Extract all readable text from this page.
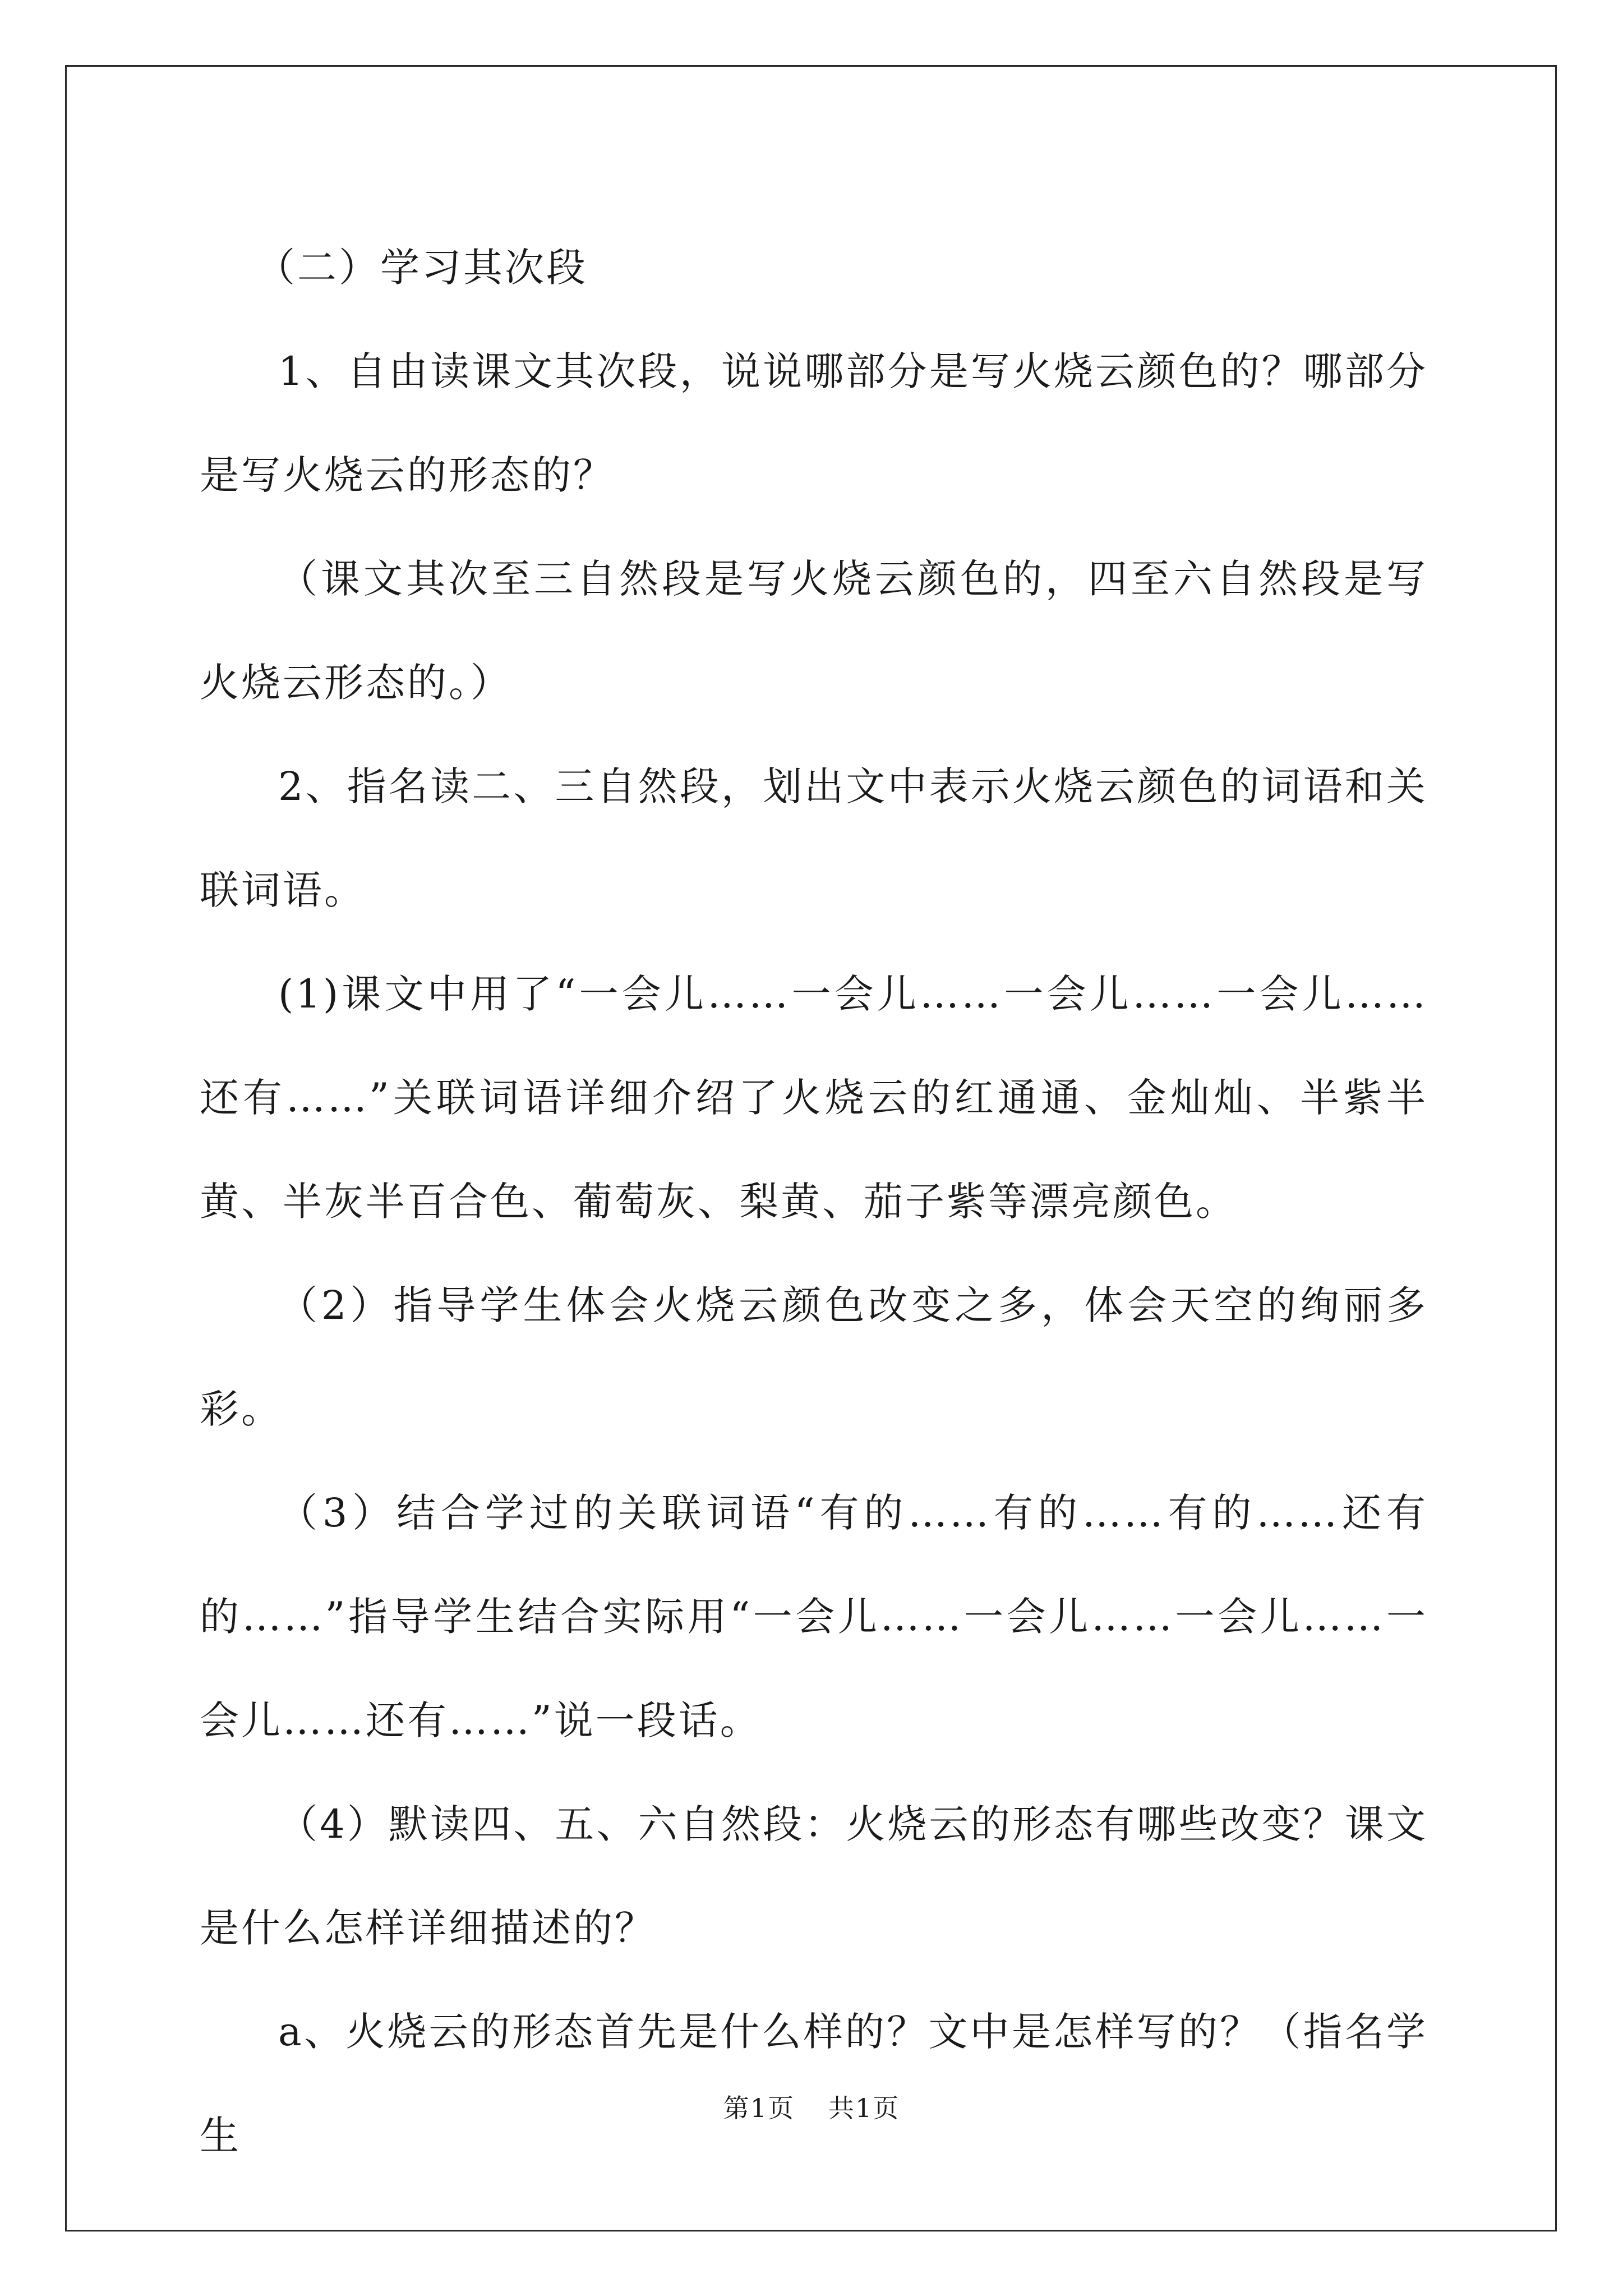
（二）学习其次段

1、自由读课文其次段，说说哪部分是写火烧云颜色的？哪部分是写火烧云的形态的？

（课文其次至三自然段是写火烧云颜色的，四至六自然段是写火烧云形态的。）

2、指名读二、三自然段，划出文中表示火烧云颜色的词语和关联词语。

(1)课文中用了“一会儿……一会儿……一会儿……一会儿……还有……”关联词语详细介绍了火烧云的红通通、金灿灿、半紫半黄、半灰半百合色、葡萄灰、梨黄、茄子紫等漂亮颜色。

（2）指导学生体会火烧云颜色改变之多，体会天空的绚丽多彩。

（3）结合学过的关联词语“有的……有的……有的……还有的……”指导学生结合实际用“一会儿……一会儿……一会儿……一会儿……还有……”说一段话。

（4）默读四、五、六自然段：火烧云的形态有哪些改变？课文是什么怎样详细描述的？

a、火烧云的形态首先是什么样的？文中是怎样写的？（指名学生

第1页 共1页
